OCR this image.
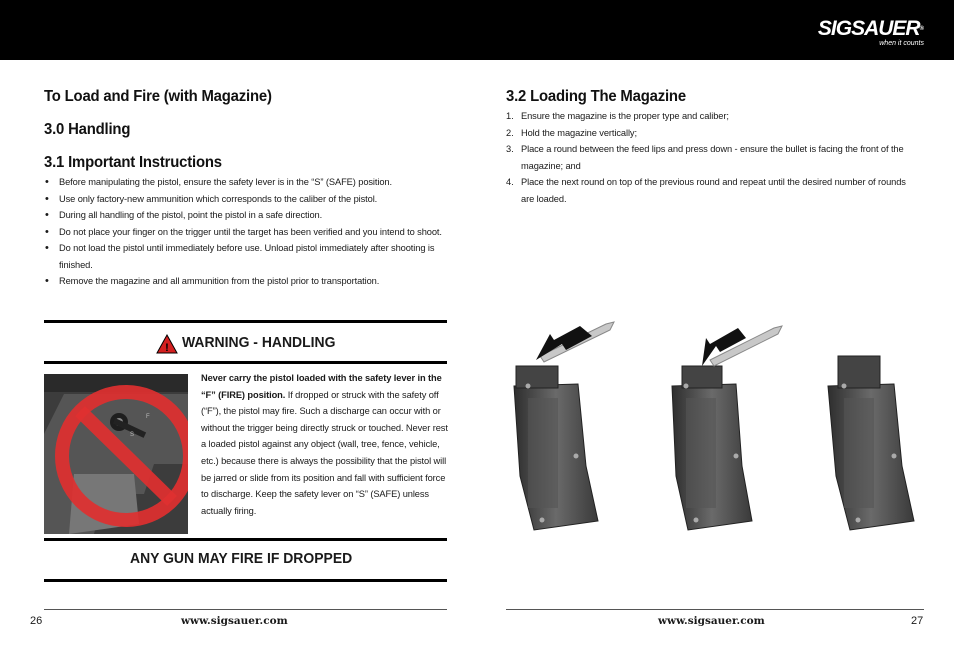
SIGSAUER®
when it counts
To Load and Fire (with Magazine)
3.0 Handling
3.1 Important Instructions
• Before manipulating the pistol, ensure the safety lever is in the “S” (SAFE) position.
• Use only factory-new ammunition which corresponds to the caliber of the pistol.
• During all handling of the pistol, point the pistol in a safe direction.
• Do not place your finger on the trigger until the target has been verified and you intend to shoot.
• Do not load the pistol until immediately before use. Unload pistol immediately after shooting is finished.
• Remove the magazine and all ammunition from the pistol prior to transportation.
! WARNING - HANDLING
F
S
Never carry the pistol loaded with the safety lever in the “F” (FIRE) position. If dropped or struck with the safety off (“F”), the pistol may fire. Such a discharge can occur with or without the trigger being directly struck or touched. Never rest a loaded pistol against any object (wall, tree, fence, vehicle, etc.) because there is always the possibility that the pistol will be jarred or slide from its position and fall with sufficient force to discharge. Keep the safety lever on “S” (SAFE) unless actually firing.
ANY GUN MAY FIRE IF DROPPED
3.2 Loading The Magazine
1. Ensure the magazine is the proper type and caliber;
2. Hold the magazine vertically;
3. Place a round between the feed lips and press down - ensure the bullet is facing the front of the magazine; and
4. Place the next round on top of the previous round and repeat until the desired number of rounds are loaded.
26	www.sigsauer.com	www.sigsauer.com	27
